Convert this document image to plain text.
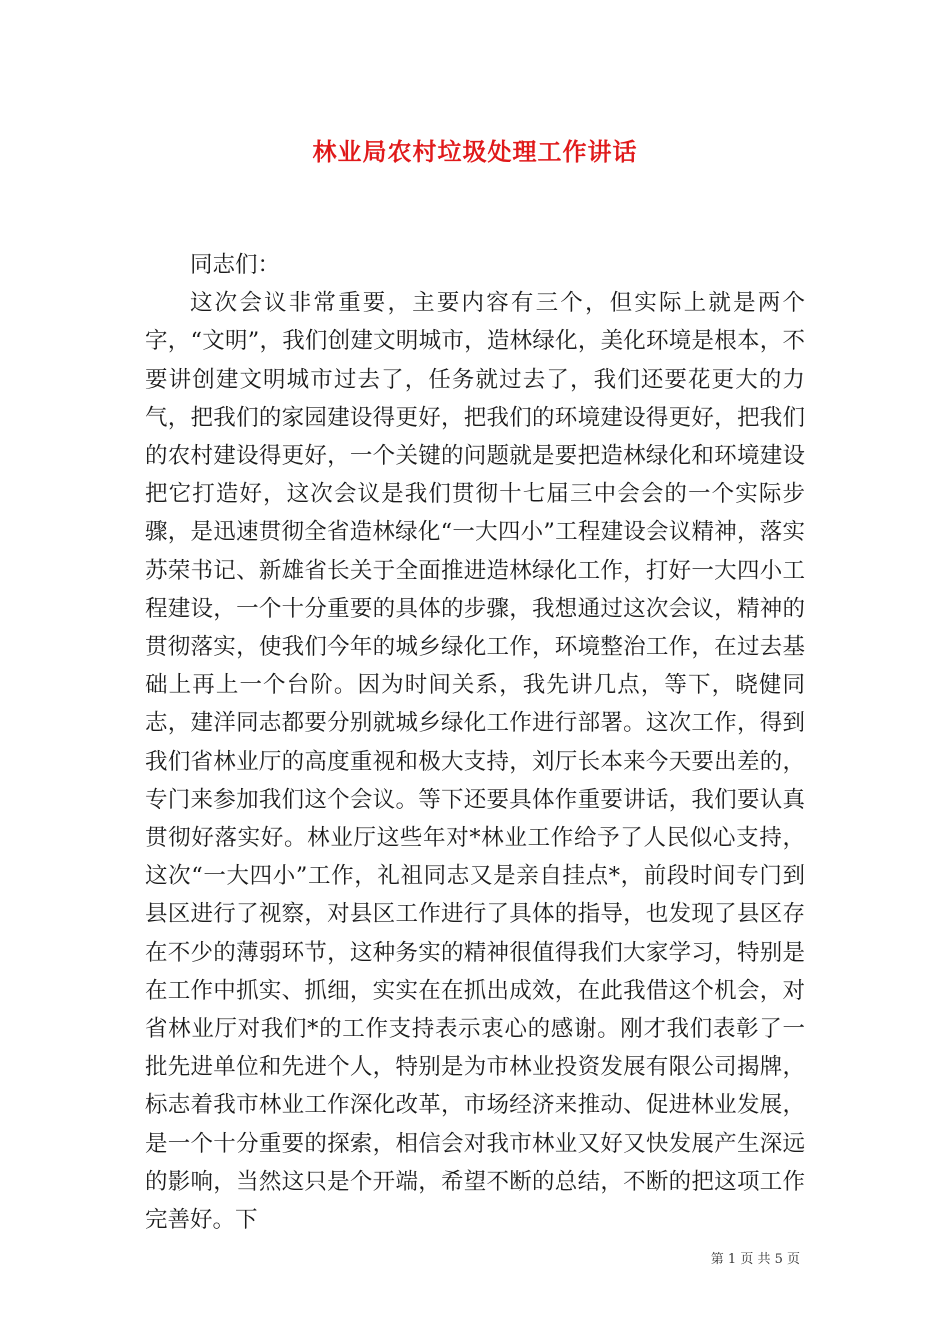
林业局农村垃圾处理工作讲话

同志们：

这次会议非常重要，主要内容有三个，但实际上就是两个字，“文明”，我们创建文明城市，造林绿化，美化环境是根本，不要讲创建文明城市过去了，任务就过去了，我们还要花更大的力气，把我们的家园建设得更好，把我们的环境建设得更好，把我们的农村建设得更好，一个关键的问题就是要把造林绿化和环境建设把它打造好，这次会议是我们贯彻十七届三中会会的一个实际步骤，是迅速贯彻全省造林绿化“一大四小”工程建设会议精神，落实苏荣书记、新雄省长关于全面推进造林绿化工作，打好一大四小工程建设，一个十分重要的具体的步骤，我想通过这次会议，精神的贯彻落实，使我们今年的城乡绿化工作，环境整治工作，在过去基础上再上一个台阶。因为时间关系，我先讲几点，等下，晓健同志，建洋同志都要分别就城乡绿化工作进行部署。这次工作，得到我们省林业厅的高度重视和极大支持，刘厅长本来今天要出差的，专门来参加我们这个会议。等下还要具体作重要讲话，我们要认真贯彻好落实好。林业厅这些年对*林业工作给予了人民似心支持，这次“一大四小”工作，礼祖同志又是亲自挂点*，前段时间专门到县区进行了视察，对县区工作进行了具体的指导，也发现了县区存在不少的薄弱环节，这种务实的精神很值得我们大家学习，特别是在工作中抓实、抓细，实实在在抓出成效，在此我借这个机会，对省林业厅对我们*的工作支持表示衷心的感谢。刚才我们表彰了一批先进单位和先进个人，特别是为市林业投资发展有限公司揭牌，标志着我市林业工作深化改革，市场经济来推动、促进林业发展，是一个十分重要的探索，相信会对我市林业又好又快发展产生深远的影响，当然这只是个开端，希望不断的总结，不断的把这项工作完善好。下

第 1 页 共 5 页
